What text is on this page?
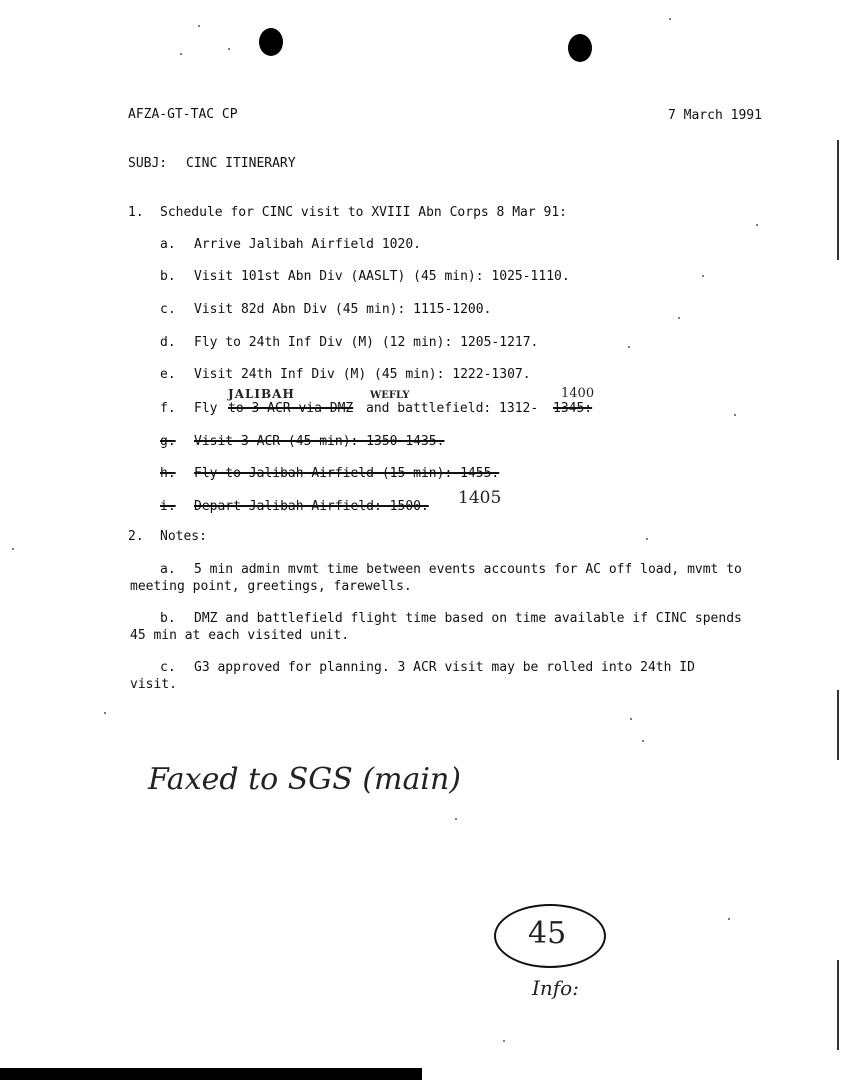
AFZA-GT-TAC CP	7 March 1991
SUBJ: CINC ITINERARY
1. Schedule for CINC visit to XVIII Abn Corps 8 Mar 91:
a. Arrive Jalibah Airfield 1020.
b. Visit 101st Abn Div (AASLT) (45 min): 1025-1110.
c. Visit 82d Abn Div (45 min): 1115-1200.
d. Fly to 24th Inf Div (M) (12 min): 1205-1217.
e. Visit 24th Inf Div (M) (45 min): 1222-1307.
JALIBAH	WEFLY	1400
f. Fly to 3 ACR via DMZ and battlefield: 1312- 1345:
g. Visit 3 ACR (45 min): 1350-1435.
h. Fly to Jalibah Airfield (15 min): 1455.
i. Depart Jalibah Airfield: 1500. 1405
2. Notes:
a. 5 min admin mvmt time between events accounts for AC off load, mvmt to
meeting point, greetings, farewells.
b. DMZ and battlefield flight time based on time available if CINC spends
45 min at each visited unit.
c. G3 approved for planning. 3 ACR visit may be rolled into 24th ID
visit.
Faxed to SGS (main)
45
Info:
